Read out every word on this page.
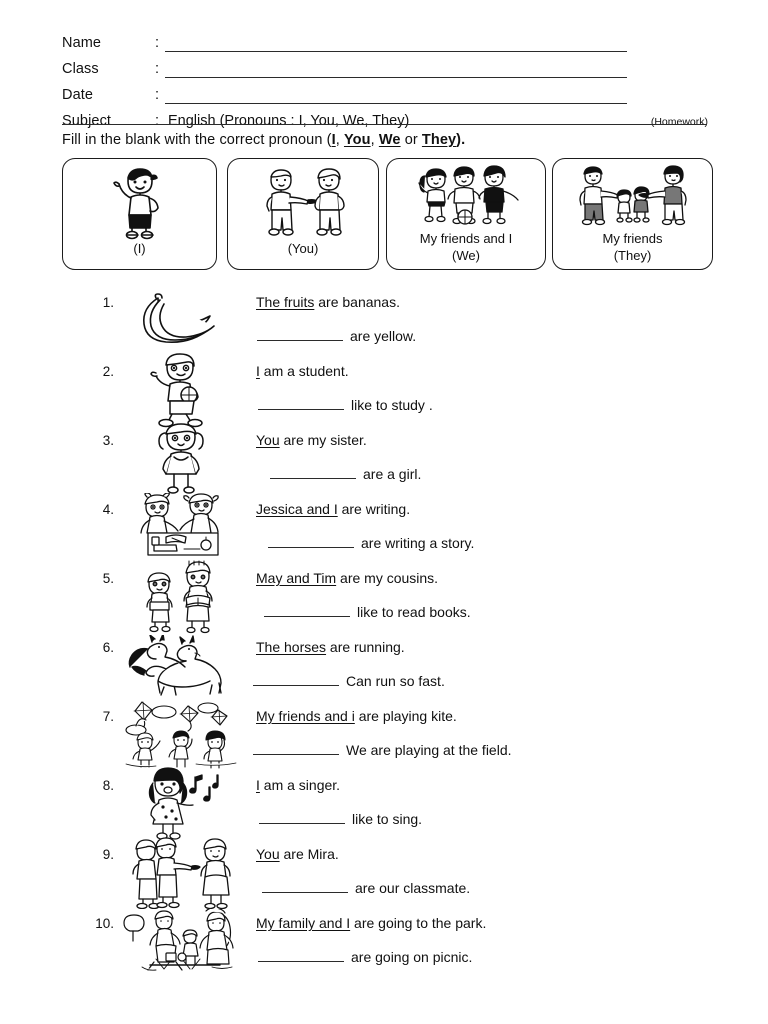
Name	:
Class	:
Date	:
Subject	: English (Pronouns : I, You, We, They)	(Homework)
Fill in the blank with the correct pronoun (I, You, We or They).
(I)	(You)
My friends and I
(We)
My friends
(They)
1.	The fruits are bananas.
are yellow.
2.	I am a student.
like to study .
3.	You are my sister.
are a girl.
4.	Jessica and I are writing.
are writing a story.
5.	May and Tim are my cousins.
like to read books.
6.	The horses are running.
Can run so fast.
7.	My friends and i are playing kite.
We are playing at the field.
8.	I am a singer.
like to sing.
9.	You are Mira.
are our classmate.
10.	My family and I are going to the park.
are going on picnic.
